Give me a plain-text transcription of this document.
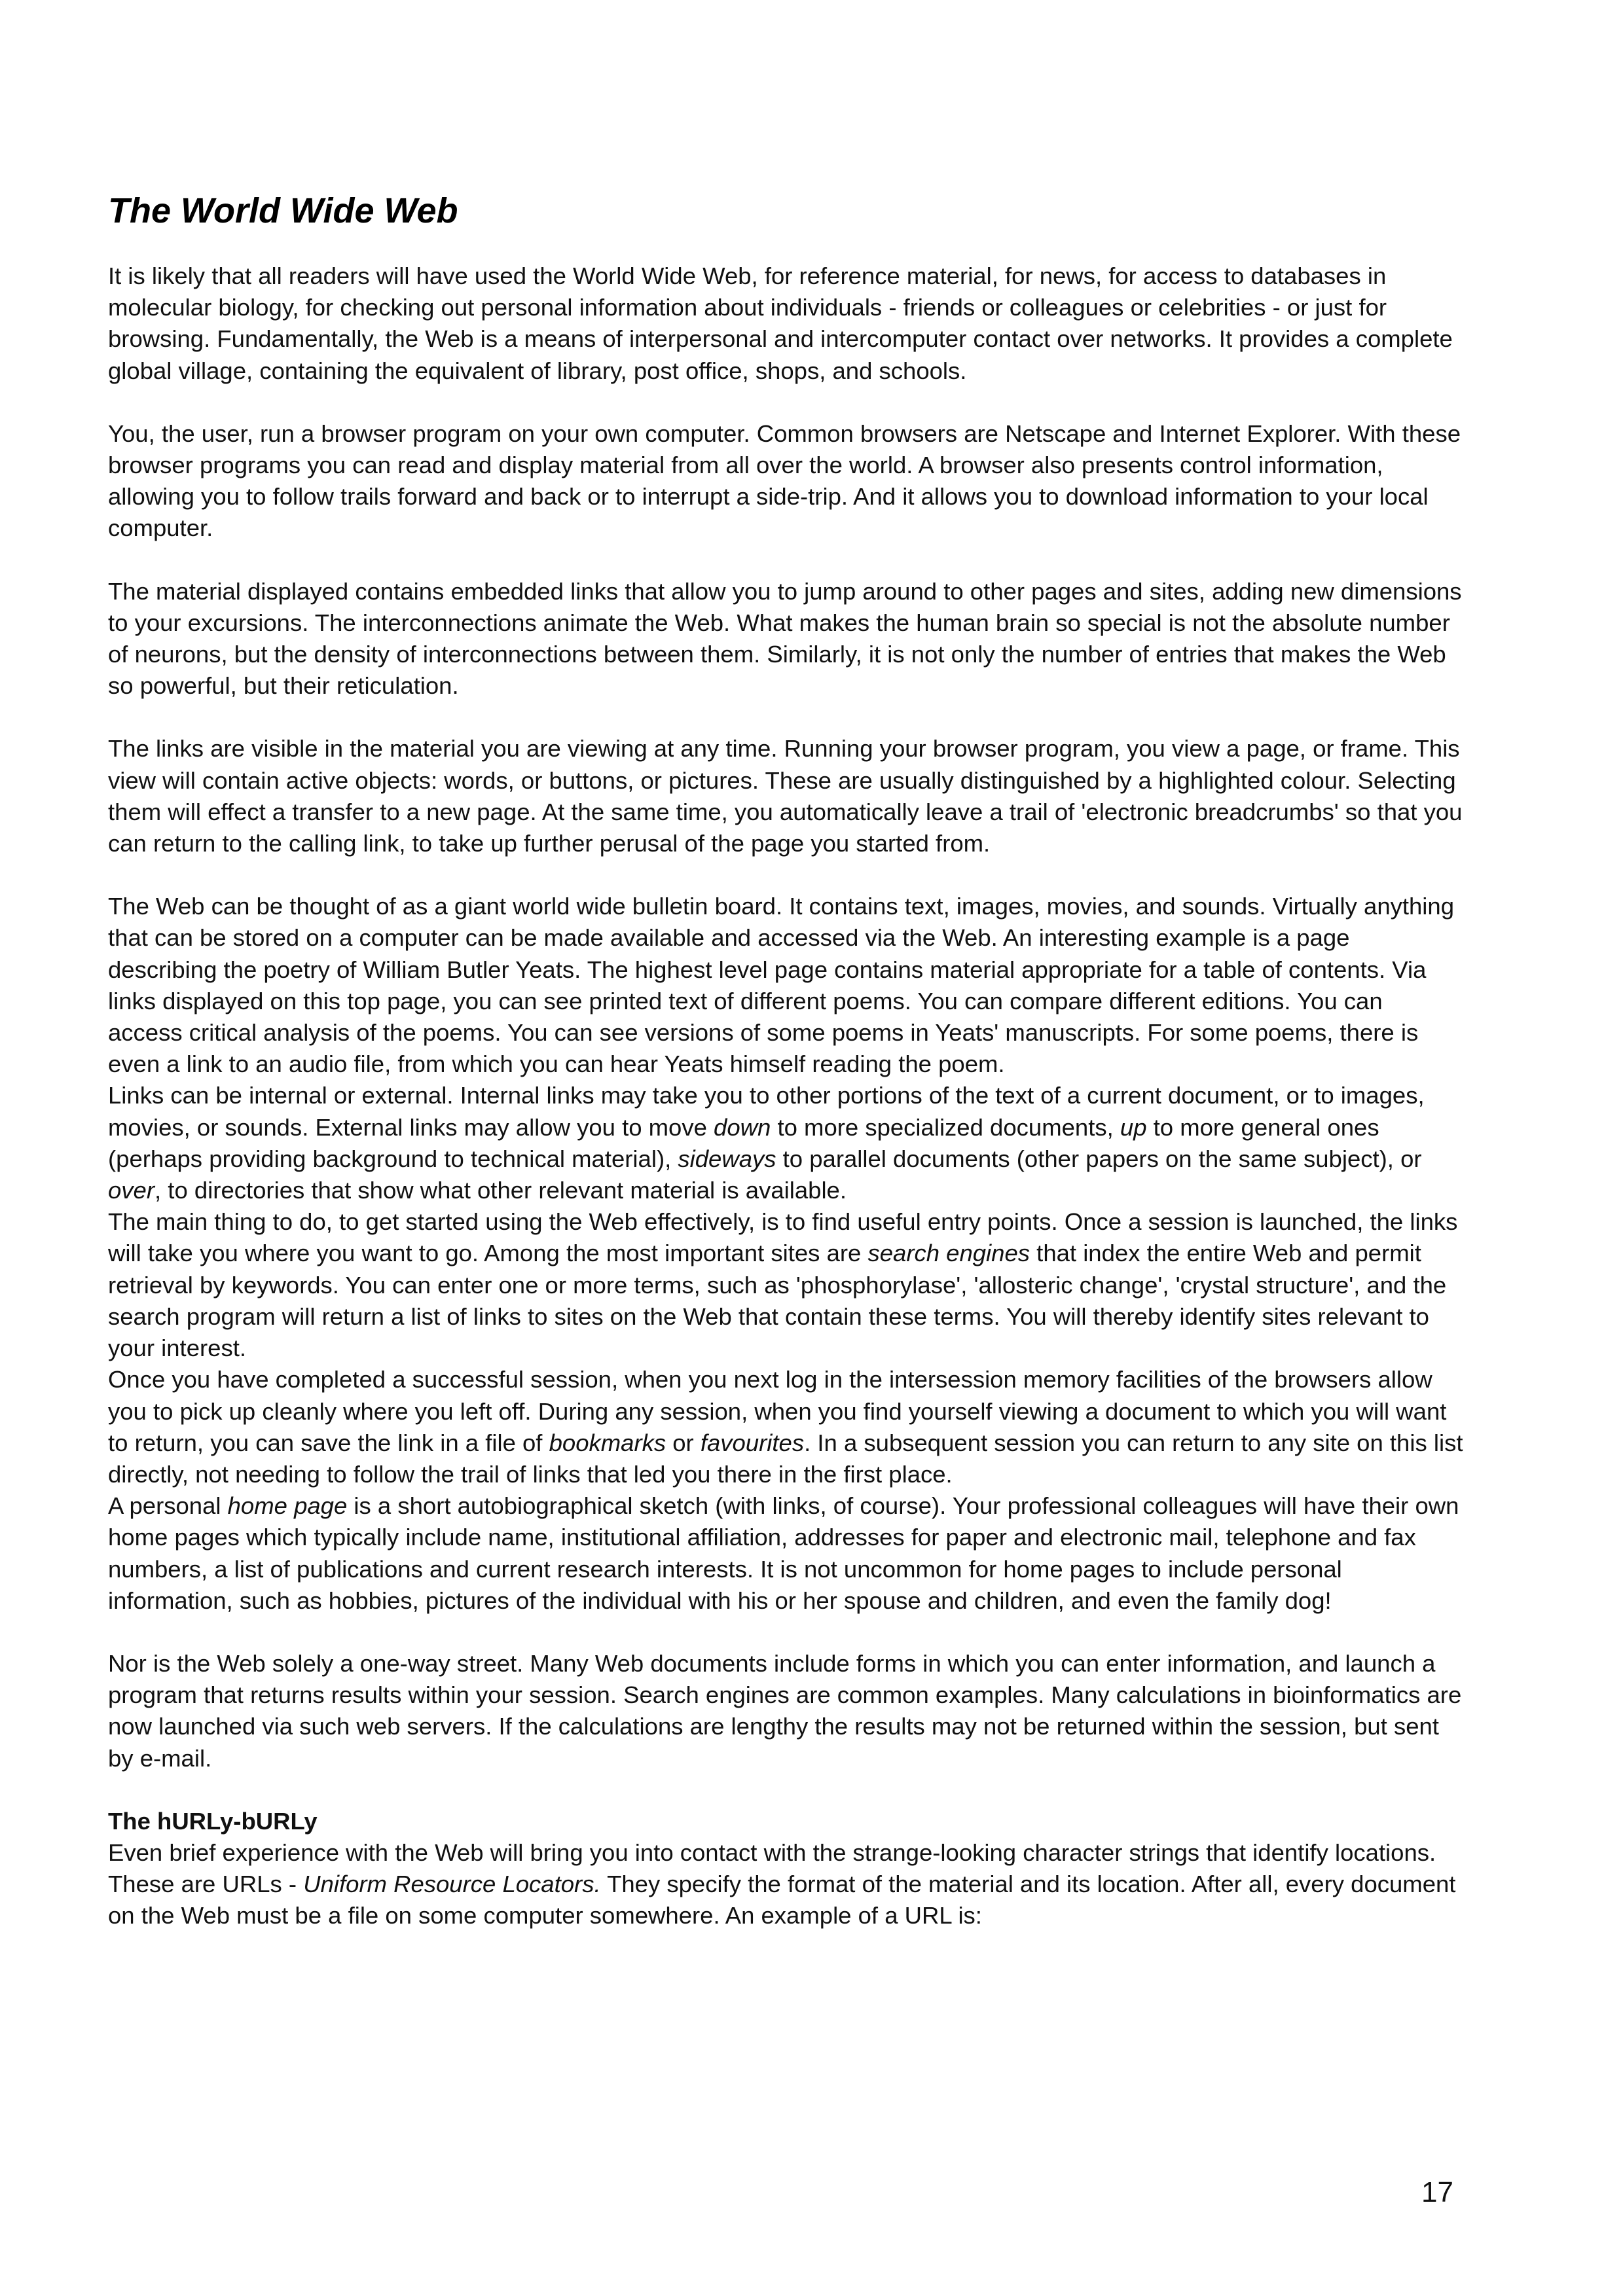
The World Wide Web

It is likely that all readers will have used the World Wide Web, for reference material, for news, for access to databases in molecular biology, for checking out personal information about individuals - friends or colleagues or celebrities - or just for browsing. Fundamentally, the Web is a means of interpersonal and intercomputer contact over networks. It provides a complete global village, containing the equivalent of library, post office, shops, and schools.

You, the user, run a browser program on your own computer. Common browsers are Netscape and Internet Explorer. With these browser programs you can read and display material from all over the world. A browser also presents control information, allowing you to follow trails forward and back or to interrupt a side-trip. And it allows you to download information to your local computer.

The material displayed contains embedded links that allow you to jump around to other pages and sites, adding new dimensions to your excursions. The interconnections animate the Web. What makes the human brain so special is not the absolute number of neurons, but the density of interconnections between them. Similarly, it is not only the number of entries that makes the Web so powerful, but their reticulation.

The links are visible in the material you are viewing at any time. Running your browser program, you view a page, or frame. This view will contain active objects: words, or buttons, or pictures. These are usually distinguished by a highlighted colour. Selecting them will effect a transfer to a new page. At the same time, you automatically leave a trail of 'electronic breadcrumbs' so that you can return to the calling link, to take up further perusal of the page you started from.

The Web can be thought of as a giant world wide bulletin board. It contains text, images, movies, and sounds. Virtually anything that can be stored on a computer can be made available and accessed via the Web. An interesting example is a page describing the poetry of William Butler Yeats. The highest level page contains material appropriate for a table of contents. Via links displayed on this top page, you can see printed text of different poems. You can compare different editions. You can access critical analysis of the poems. You can see versions of some poems in Yeats' manuscripts. For some poems, there is even a link to an audio file, from which you can hear Yeats himself reading the poem.

Links can be internal or external. Internal links may take you to other portions of the text of a current document, or to images, movies, or sounds. External links may allow you to move down to more specialized documents, up to more general ones (perhaps providing background to technical material), sideways to parallel documents (other papers on the same subject), or over, to directories that show what other relevant material is available.

The main thing to do, to get started using the Web effectively, is to find useful entry points. Once a session is launched, the links will take you where you want to go. Among the most important sites are search engines that index the entire Web and permit retrieval by keywords. You can enter one or more terms, such as 'phosphorylase', 'allosteric change', 'crystal structure', and the search program will return a list of links to sites on the Web that contain these terms. You will thereby identify sites relevant to your interest.

Once you have completed a successful session, when you next log in the intersession memory facilities of the browsers allow you to pick up cleanly where you left off. During any session, when you find yourself viewing a document to which you will want to return, you can save the link in a file of bookmarks or favourites. In a subsequent session you can return to any site on this list directly, not needing to follow the trail of links that led you there in the first place.

A personal home page is a short autobiographical sketch (with links, of course). Your professional colleagues will have their own home pages which typically include name, institutional affiliation, addresses for paper and electronic mail, telephone and fax numbers, a list of publications and current research interests. It is not uncommon for home pages to include personal information, such as hobbies, pictures of the individual with his or her spouse and children, and even the family dog!

Nor is the Web solely a one-way street. Many Web documents include forms in which you can enter information, and launch a program that returns results within your session. Search engines are common examples. Many calculations in bioinformatics are now launched via such web servers. If the calculations are lengthy the results may not be returned within the session, but sent by e-mail.

The hURLy-bURLy

Even brief experience with the Web will bring you into contact with the strange-looking character strings that identify locations. These are URLs - Uniform Resource Locators. They specify the format of the material and its location. After all, every document on the Web must be a file on some computer somewhere. An example of a URL is:

17
